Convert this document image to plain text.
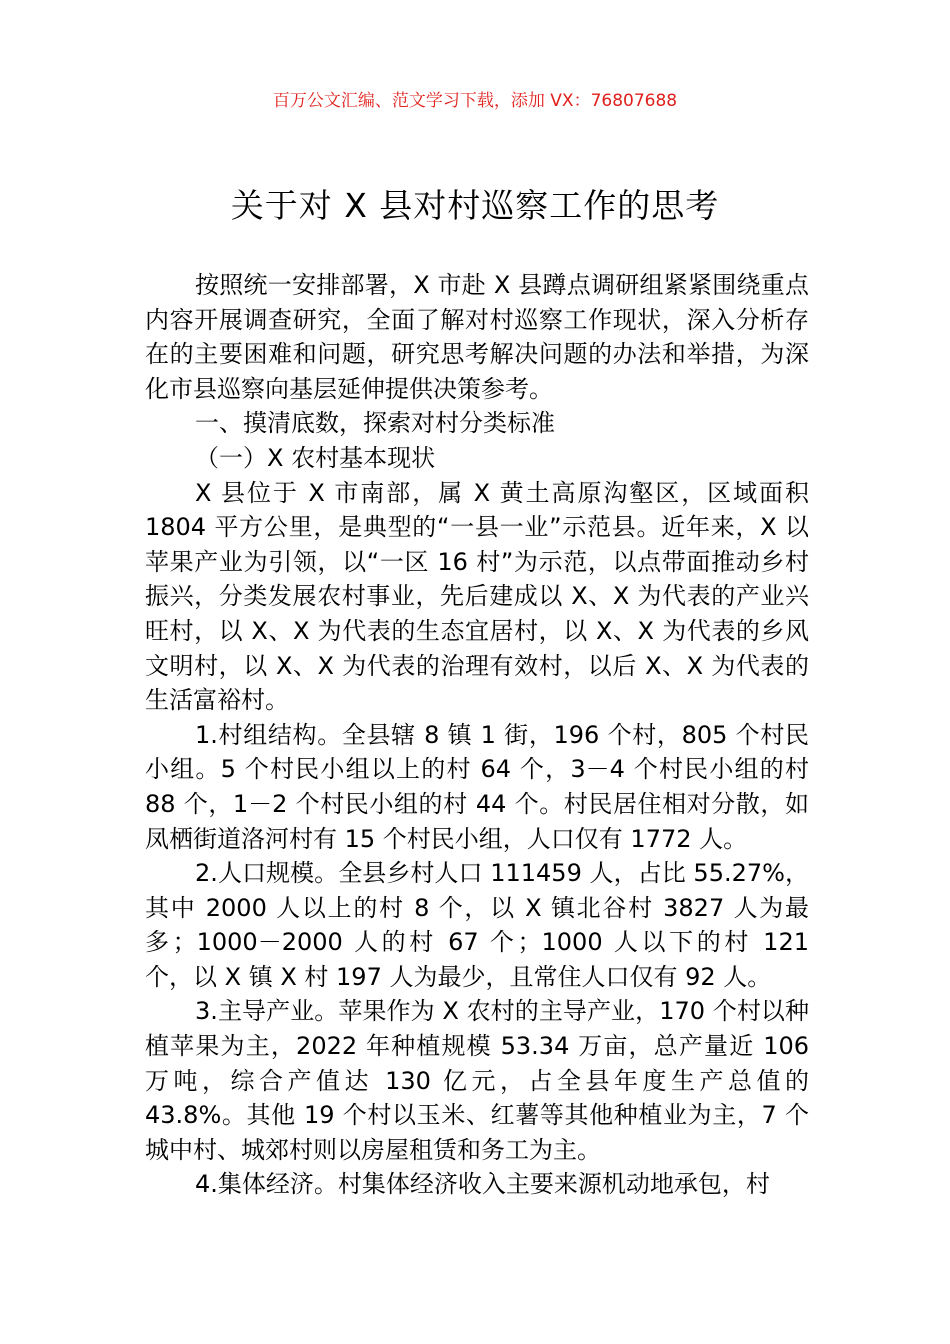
百万公文汇编、范文学习下载，添加 VX：76807688
关于对 X 县对村巡察工作的思考

按照统一安排部署，X 市赴 X 县蹲点调研组紧紧围绕重点内容开展调查研究，全面了解对村巡察工作现状，深入分析存在的主要困难和问题，研究思考解决问题的办法和举措，为深化市县巡察向基层延伸提供决策参考。

一、摸清底数，探索对村分类标准

（一）X 农村基本现状

X 县位于 X 市南部，属 X 黄土高原沟壑区，区域面积 1804 平方公里，是典型的“一县一业”示范县。近年来，X 以苹果产业为引领，以“一区 16 村”为示范，以点带面推动乡村振兴，分类发展农村事业，先后建成以 X、X 为代表的产业兴旺村，以 X、X 为代表的生态宜居村，以 X、X 为代表的乡风文明村，以 X、X 为代表的治理有效村，以后 X、X 为代表的生活富裕村。

1.村组结构。全县辖 8 镇 1 街，196 个村，805 个村民小组。5 个村民小组以上的村 64 个，3－4 个村民小组的村 88 个，1－2 个村民小组的村 44 个。村民居住相对分散，如凤栖街道洛河村有 15 个村民小组，人口仅有 1772 人。

2.人口规模。全县乡村人口 111459 人，占比 55.27%，其中 2000 人以上的村 8 个，以 X 镇北谷村 3827 人为最多；1000－2000 人的村 67 个；1000 人以下的村 121 个，以 X 镇 X 村 197 人为最少，且常住人口仅有 92 人。

3.主导产业。苹果作为 X 农村的主导产业，170 个村以种植苹果为主，2022 年种植规模 53.34 万亩，总产量近 106 万吨，综合产值达 130 亿元，占全县年度生产总值的 43.8%。其他 19 个村以玉米、红薯等其他种植业为主，7 个城中村、城郊村则以房屋租赁和务工为主。

4.集体经济。村集体经济收入主要来源机动地承包，村
